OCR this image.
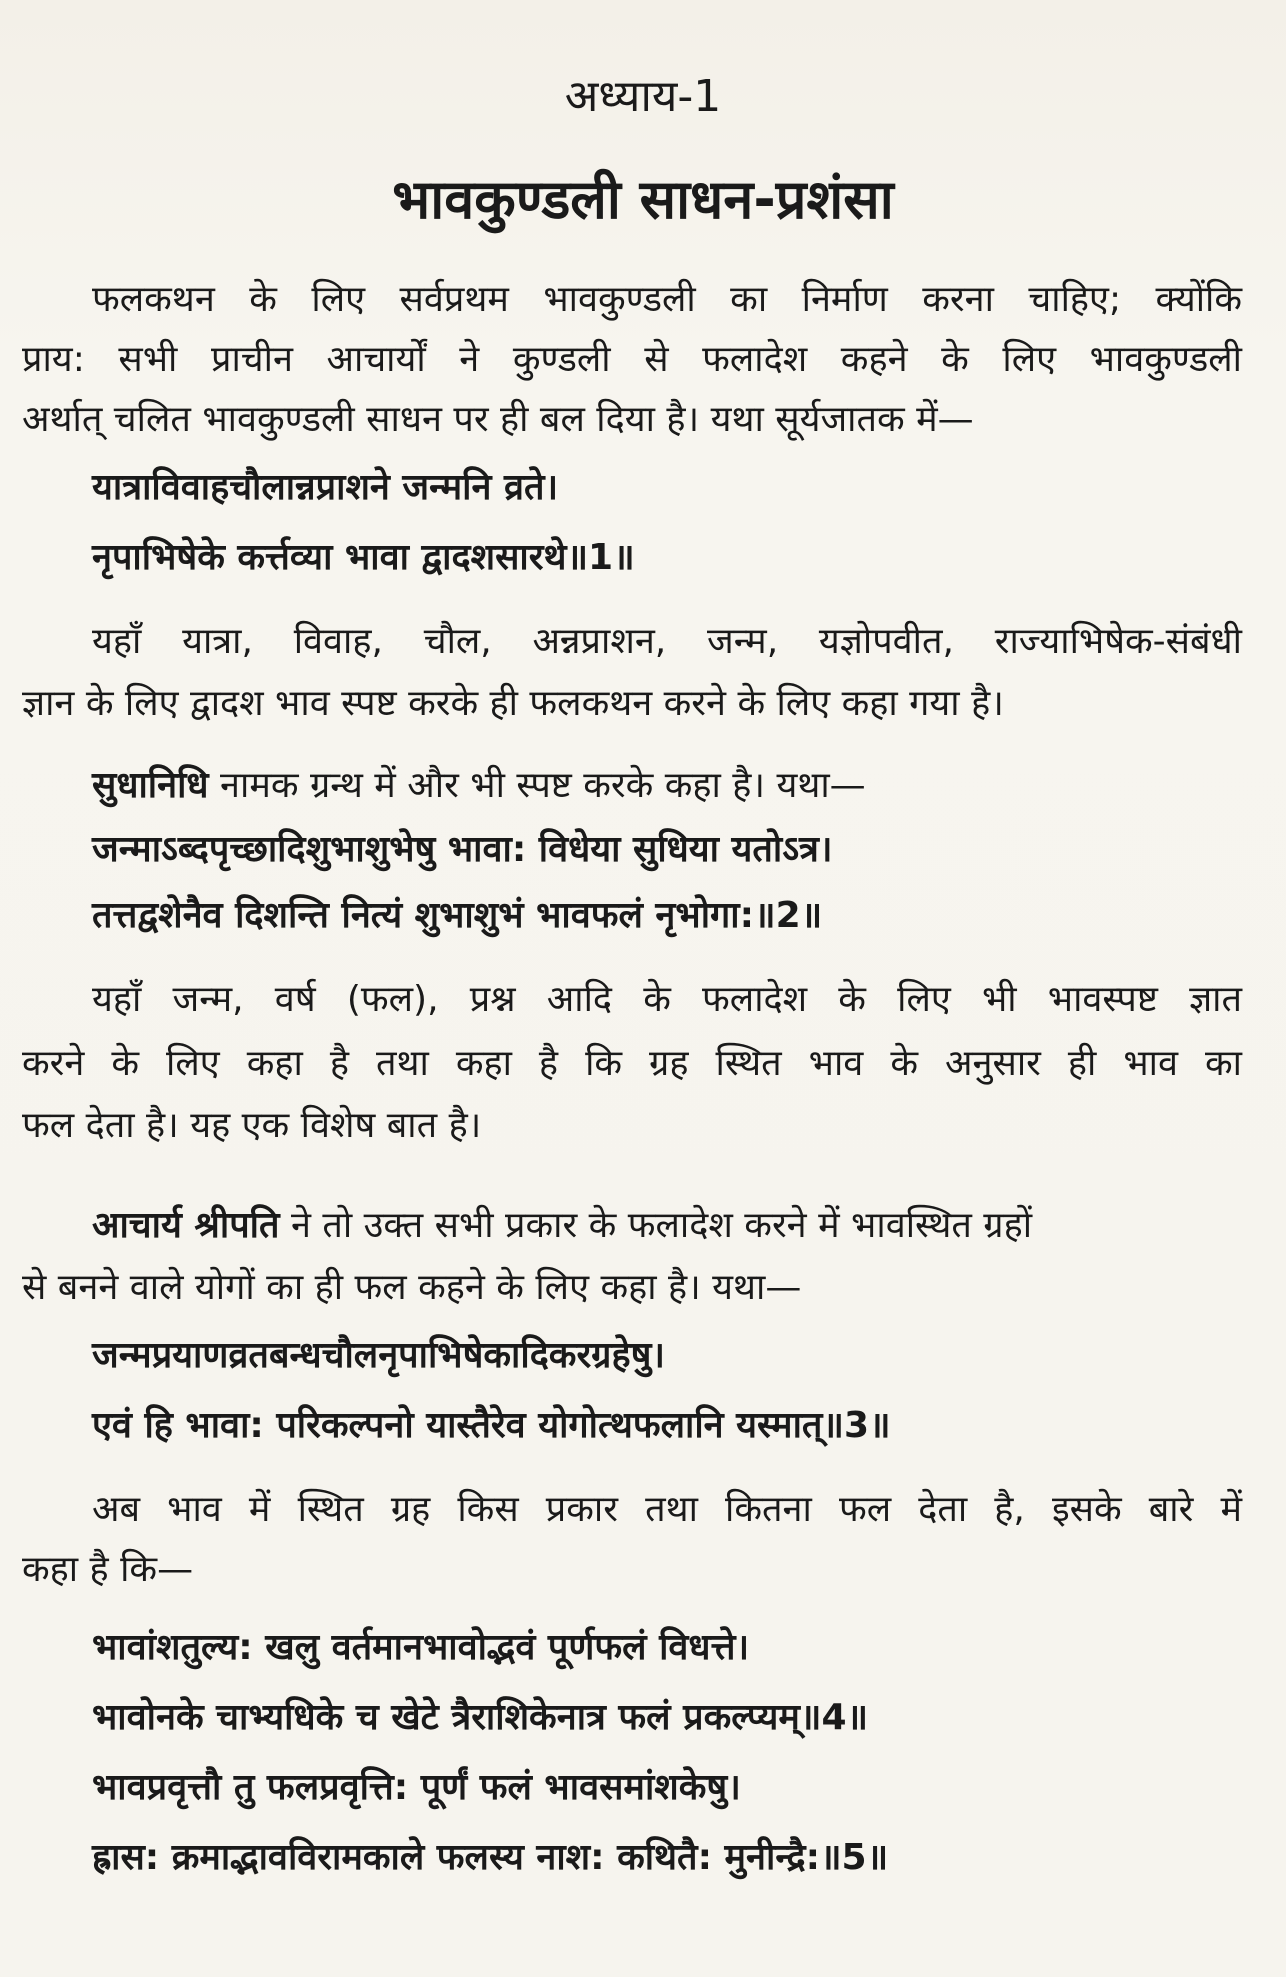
अध्याय-1
भावकुण्डली साधन-प्रशंसा
फलकथन के लिए सर्वप्रथम भावकुण्डली का निर्माण करना चाहिए; क्योंकि
प्राय: सभी प्राचीन आचार्यों ने कुण्डली से फलादेश कहने के लिए भावकुण्डली
अर्थात् चलित भावकुण्डली साधन पर ही बल दिया है। यथा सूर्यजातक में—
यात्राविवाहचौलान्नप्राशने जन्मनि व्रते।
नृपाभिषेके कर्त्तव्या भावा द्वादशसारथे॥1॥
यहाँ यात्रा, विवाह, चौल, अन्नप्राशन, जन्म, यज्ञोपवीत, राज्याभिषेक-संबंधी
ज्ञान के लिए द्वादश भाव स्पष्ट करके ही फलकथन करने के लिए कहा गया है।
सुधानिधि नामक ग्रन्थ में और भी स्पष्ट करके कहा है। यथा—
जन्माऽब्दपृच्छादिशुभाशुभेषु भावा: विधेया सुधिया यतोऽत्र।
तत्तद्वशेनैव दिशन्ति नित्यं शुभाशुभं भावफलं नृभोगा:॥2॥
यहाँ जन्म, वर्ष (फल), प्रश्न आदि के फलादेश के लिए भी भावस्पष्ट ज्ञात
करने के लिए कहा है तथा कहा है कि ग्रह स्थित भाव के अनुसार ही भाव का
फल देता है। यह एक विशेष बात है।
आचार्य श्रीपति ने तो उक्त सभी प्रकार के फलादेश करने में भावस्थित ग्रहों
से बनने वाले योगों का ही फल कहने के लिए कहा है। यथा—
जन्मप्रयाणव्रतबन्धचौलनृपाभिषेकादिकरग्रहेषु।
एवं हि भावा: परिकल्पनो यास्तैरेव योगोत्थफलानि यस्मात्॥3॥
अब भाव में स्थित ग्रह किस प्रकार तथा कितना फल देता है, इसके बारे में
कहा है कि—
भावांशतुल्य: खलु वर्तमानभावोद्भवं पूर्णफलं विधत्ते।
भावोनके चाभ्यधिके च खेटे त्रैराशिकेनात्र फलं प्रकल्प्यम्॥4॥
भावप्रवृत्तौ तु फलप्रवृत्ति: पूर्णं फलं भावसमांशकेषु।
ह्रास: क्रमाद्भावविरामकाले फलस्य नाश: कथितै: मुनीन्द्रै:॥5॥
